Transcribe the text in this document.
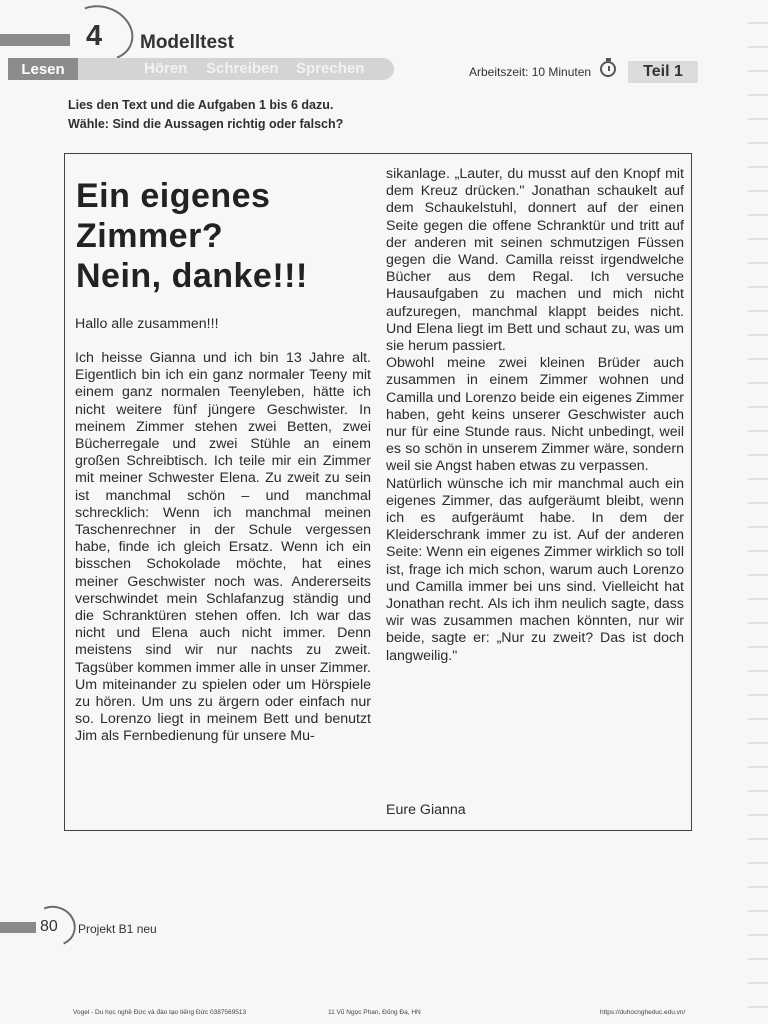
4 Modelltest
Lesen	Hören Schreiben Sprechen	Arbeitszeit: 10 Minuten	Teil 1
Lies den Text und die Aufgaben 1 bis 6 dazu.
Wähle: Sind die Aussagen richtig oder falsch?
Ein eigenes
Zimmer?
Nein, danke!!!
Hallo alle zusammen!!!
Ich heisse Gianna und ich bin 13 Jahre alt. Eigentlich bin ich ein ganz normaler Teeny mit einem ganz normalen Teenyleben, hätte ich nicht weitere fünf jüngere Geschwister. In meinem Zimmer stehen zwei Betten, zwei Bücherregale und zwei Stühle an einem großen Schreibtisch. Ich teile mir ein Zimmer mit meiner Schwester Elena. Zu zweit zu sein ist manchmal schön – und manchmal schrecklich: Wenn ich manchmal meinen Taschenrechner in der Schule vergessen habe, finde ich gleich Ersatz. Wenn ich ein bisschen Schokolade möchte, hat eines meiner Geschwister noch was. Andererseits verschwindet mein Schlafanzug ständig und die Schranktüren stehen offen. Ich war das nicht und Elena auch nicht immer. Denn meistens sind wir nur nachts zu zweit. Tagsüber kommen immer alle in unser Zimmer. Um miteinander zu spielen oder um Hörspiele zu hören. Um uns zu ärgern oder einfach nur so. Lorenzo liegt in meinem Bett und benutzt Jim als Fernbedienung für unsere Mu-

sikanlage. „Lauter, du musst auf den Knopf mit dem Kreuz drücken." Jonathan schaukelt auf dem Schaukelstuhl, donnert auf der einen Seite gegen die offene Schranktür und tritt auf der anderen mit seinen schmutzigen Füssen gegen die Wand. Camilla reisst irgendwelche Bücher aus dem Regal. Ich versuche Hausaufgaben zu machen und mich nicht aufzuregen, manchmal klappt beides nicht. Und Elena liegt im Bett und schaut zu, was um sie herum passiert.

Obwohl meine zwei kleinen Brüder auch zusammen in einem Zimmer wohnen und Camilla und Lorenzo beide ein eigenes Zimmer haben, geht keins unserer Geschwister auch nur für eine Stunde raus. Nicht unbedingt, weil es so schön in unserem Zimmer wäre, sondern weil sie Angst haben etwas zu verpassen.

Natürlich wünsche ich mir manchmal auch ein eigenes Zimmer, das aufgeräumt bleibt, wenn ich es aufgeräumt habe. In dem der Kleiderschrank immer zu ist. Auf der anderen Seite: Wenn ein eigenes Zimmer wirklich so toll ist, frage ich mich schon, warum auch Lorenzo und Camilla immer bei uns sind. Vielleicht hat Jonathan recht. Als ich ihm neulich sagte, dass wir was zusammen machen könnten, nur wir beide, sagte er: „Nur zu zweit? Das ist doch langweilig."

Eure Gianna
80 Projekt B1 neu
Vogel - Du học nghề Đức và đào tạo tiếng Đức 0387569513	11 Vũ Ngọc Phan, Đống Đa, HN	https://duhocngheduc.edu.vn/
